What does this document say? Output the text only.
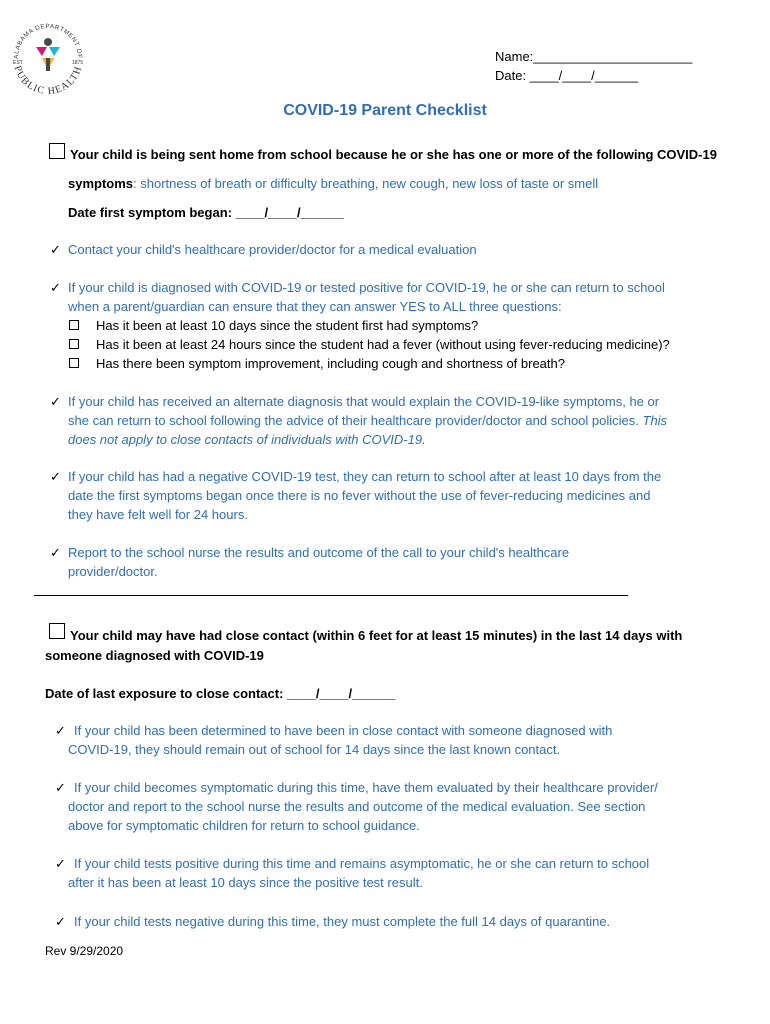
ALABAMA DEPARTMENT OF
PUBLIC HEALTH
EST.	1875	Name:______________________
Date: ____/____/______
COVID-19 Parent Checklist
Your child is being sent home from school because he or she has one or more of the following COVID-19
symptoms: shortness of breath or difficulty breathing, new cough, new loss of taste or smell
Date first symptom began: ____/____/______
✓ Contact your child's healthcare provider/doctor for a medical evaluation
✓ If your child is diagnosed with COVID-19 or tested positive for COVID-19, he or she can return to school
when a parent/guardian can ensure that they can answer YES to ALL three questions:
Has it been at least 10 days since the student first had symptoms?
Has it been at least 24 hours since the student had a fever (without using fever-reducing medicine)?
Has there been symptom improvement, including cough and shortness of breath?
✓ If your child has received an alternate diagnosis that would explain the COVID-19-like symptoms, he or
she can return to school following the advice of their healthcare provider/doctor and school policies. This
does not apply to close contacts of individuals with COVID-19.
✓ If your child has had a negative COVID-19 test, they can return to school after at least 10 days from the
date the first symptoms began once there is no fever without the use of fever-reducing medicines and
they have felt well for 24 hours.
✓ Report to the school nurse the results and outcome of the call to your child's healthcare
provider/doctor.
Your child may have had close contact (within 6 feet for at least 15 minutes) in the last 14 days with
someone diagnosed with COVID-19
Date of last exposure to close contact: ____/____/______
✓ If your child has been determined to have been in close contact with someone diagnosed with
COVID-19, they should remain out of school for 14 days since the last known contact.
✓ If your child becomes symptomatic during this time, have them evaluated by their healthcare provider/
doctor and report to the school nurse the results and outcome of the medical evaluation. See section
above for symptomatic children for return to school guidance.
✓ If your child tests positive during this time and remains asymptomatic, he or she can return to school
after it has been at least 10 days since the positive test result.
✓ If your child tests negative during this time, they must complete the full 14 days of quarantine.
Rev 9/29/2020
